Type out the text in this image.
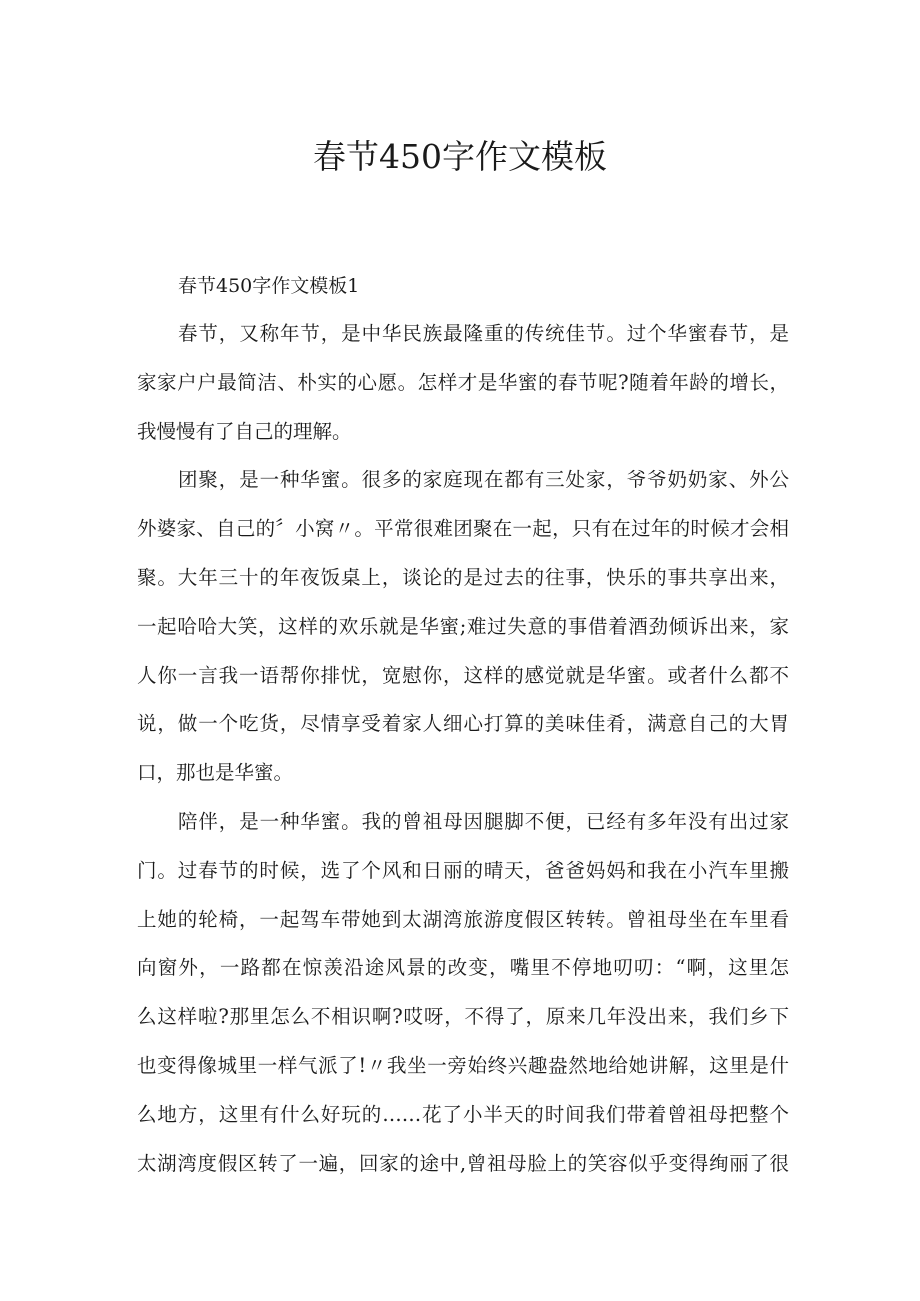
春节450字作文模板

春节450字作文模板1

春节，又称年节，是中华民族最隆重的传统佳节。过个华蜜春节，是
家家户户最简洁、朴实的心愿。怎样才是华蜜的春节呢?随着年龄的增长，
我慢慢有了自己的理解。

团聚，是一种华蜜。很多的家庭现在都有三处家，爷爷奶奶家、外公
外婆家、自己的〞小窝〃。平常很难团聚在一起，只有在过年的时候才会相
聚。大年三十的年夜饭桌上，谈论的是过去的往事，快乐的事共享出来，
一起哈哈大笑，这样的欢乐就是华蜜;难过失意的事借着酒劲倾诉出来，家
人你一言我一语帮你排忧，宽慰你，这样的感觉就是华蜜。或者什么都不
说，做一个吃货，尽情享受着家人细心打算的美味佳肴，满意自己的大胃
口，那也是华蜜。

陪伴，是一种华蜜。我的曾祖母因腿脚不便，已经有多年没有出过家
门。过春节的时候，选了个风和日丽的晴天，爸爸妈妈和我在小汽车里搬
上她的轮椅，一起驾车带她到太湖湾旅游度假区转转。曾祖母坐在车里看
向窗外，一路都在惊羡沿途风景的改变，嘴里不停地叨叨：“啊，这里怎
么这样啦?那里怎么不相识啊?哎呀，不得了，原来几年没出来，我们乡下
也变得像城里一样气派了!〃我坐一旁始终兴趣盎然地给她讲解，这里是什
么地方，这里有什么好玩的……花了小半天的时间我们带着曾祖母把整个
太湖湾度假区转了一遍，回家的途中,曾祖母脸上的笑容似乎变得绚丽了很
